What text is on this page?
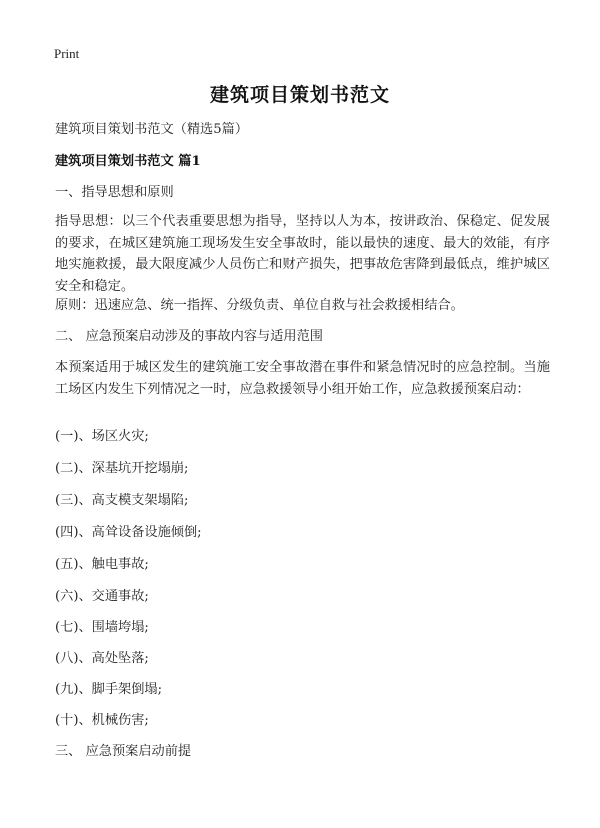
Print
建筑项目策划书范文
建筑项目策划书范文（精选5篇）
建筑项目策划书范文 篇1
一、指导思想和原则
指导思想：以三个代表重要思想为指导，坚持以人为本，按讲政治、保稳定、促发展的要求，在城区建筑施工现场发生安全事故时，能以最快的速度、最大的效能，有序地实施救援，最大限度减少人员伤亡和财产损失，把事故危害降到最低点，维护城区安全和稳定。
原则：迅速应急、统一指挥、分级负责、单位自救与社会救援相结合。
二、 应急预案启动涉及的事故内容与适用范围
本预案适用于城区发生的建筑施工安全事故潜在事件和紧急情况时的应急控制。当施工场区内发生下列情况之一时，应急救援领导小组开始工作，应急救援预案启动：
(一)、场区火灾;
(二)、深基坑开挖塌崩;
(三)、高支模支架塌陷;
(四)、高耸设备设施倾倒;
(五)、触电事故;
(六)、交通事故;
(七)、围墙垮塌;
(八)、高处坠落;
(九)、脚手架倒塌;
(十)、机械伤害;
三、 应急预案启动前提
